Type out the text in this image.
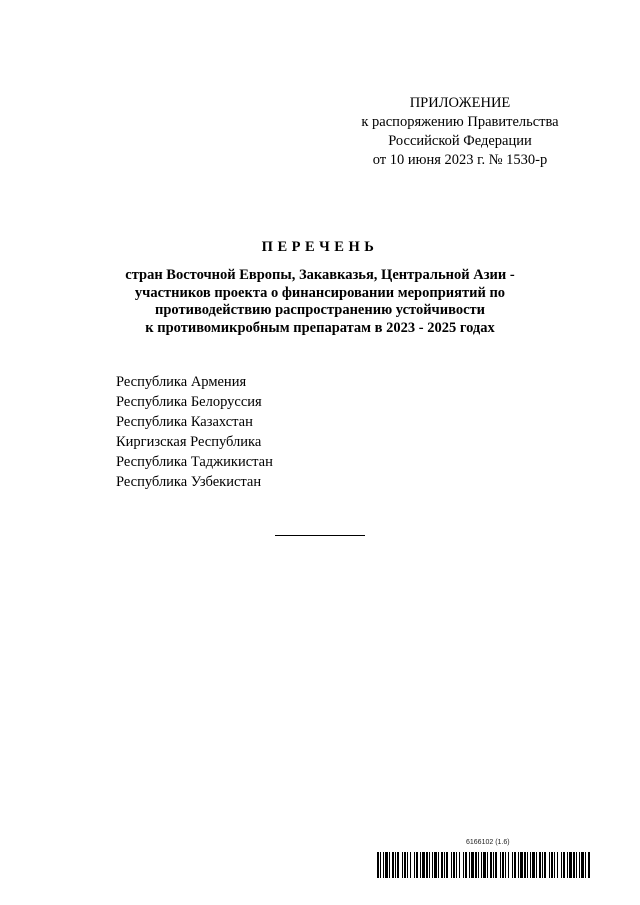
ПРИЛОЖЕНИЕ
к распоряжению Правительства
Российской Федерации
от 10 июня 2023 г. № 1530-р
ПЕРЕЧЕНЬ
стран Восточной Европы, Закавказья, Центральной Азии -
участников проекта о финансировании мероприятий по
противодействию распространению устойчивости
к противомикробным препаратам в 2023 - 2025 годах
Республика Армения
Республика Белоруссия
Республика Казахстан
Киргизская Республика
Республика Таджикистан
Республика Узбекистан
6166102 (1.6)
